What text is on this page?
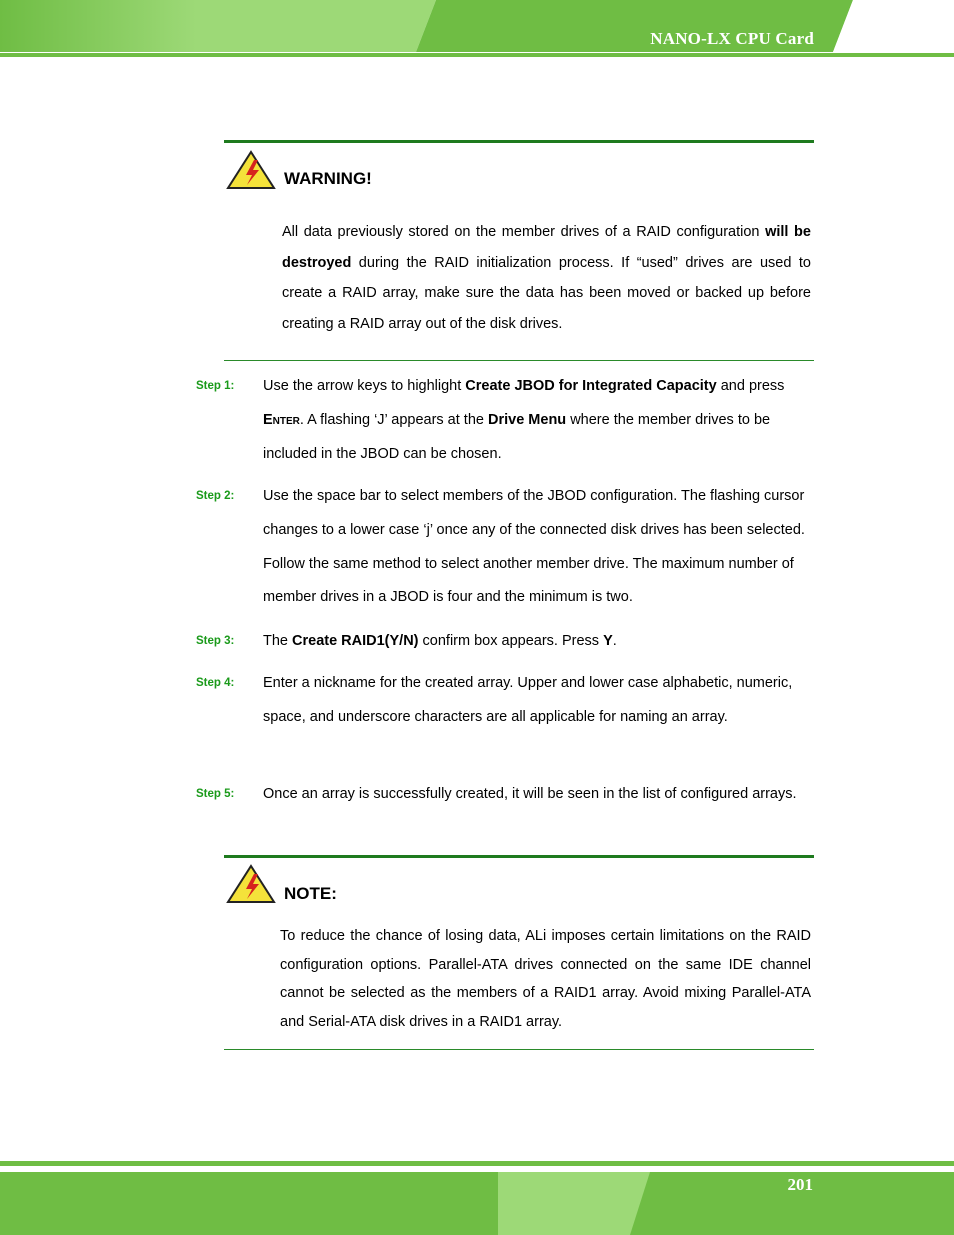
NANO-LX CPU Card
WARNING!
All data previously stored on the member drives of a RAID configuration will be destroyed during the RAID initialization process. If “used” drives are used to create a RAID array, make sure the data has been moved or backed up before creating a RAID array out of the disk drives.
Step 1:	Use the arrow keys to highlight Create JBOD for Integrated Capacity and press Enter. A flashing ‘J’ appears at the Drive Menu where the member drives to be included in the JBOD can be chosen.
Step 2:	Use the space bar to select members of the JBOD configuration. The flashing cursor changes to a lower case ‘j’ once any of the connected disk drives has been selected. Follow the same method to select another member drive. The maximum number of member drives in a JBOD is four and the minimum is two.
Step 3:	The Create RAID1(Y/N) confirm box appears. Press Y.
Step 4:	Enter a nickname for the created array. Upper and lower case alphabetic, numeric, space, and underscore characters are all applicable for naming an array.
Step 5:	Once an array is successfully created, it will be seen in the list of configured arrays.
NOTE:
To reduce the chance of losing data, ALi imposes certain limitations on the RAID configuration options. Parallel-ATA drives connected on the same IDE channel cannot be selected as the members of a RAID1 array. Avoid mixing Parallel-ATA and Serial-ATA disk drives in a RAID1 array.
201
